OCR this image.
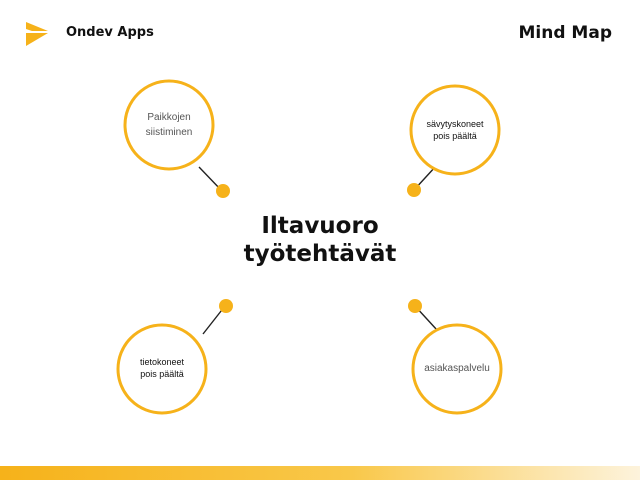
Ondev Apps	Mind Map
Iltavuoro
työtehtävät
Paikkojen
siistiminen
sävytyskoneet
pois päältä
tietokoneet
pois päältä
asiakaspalvelu
